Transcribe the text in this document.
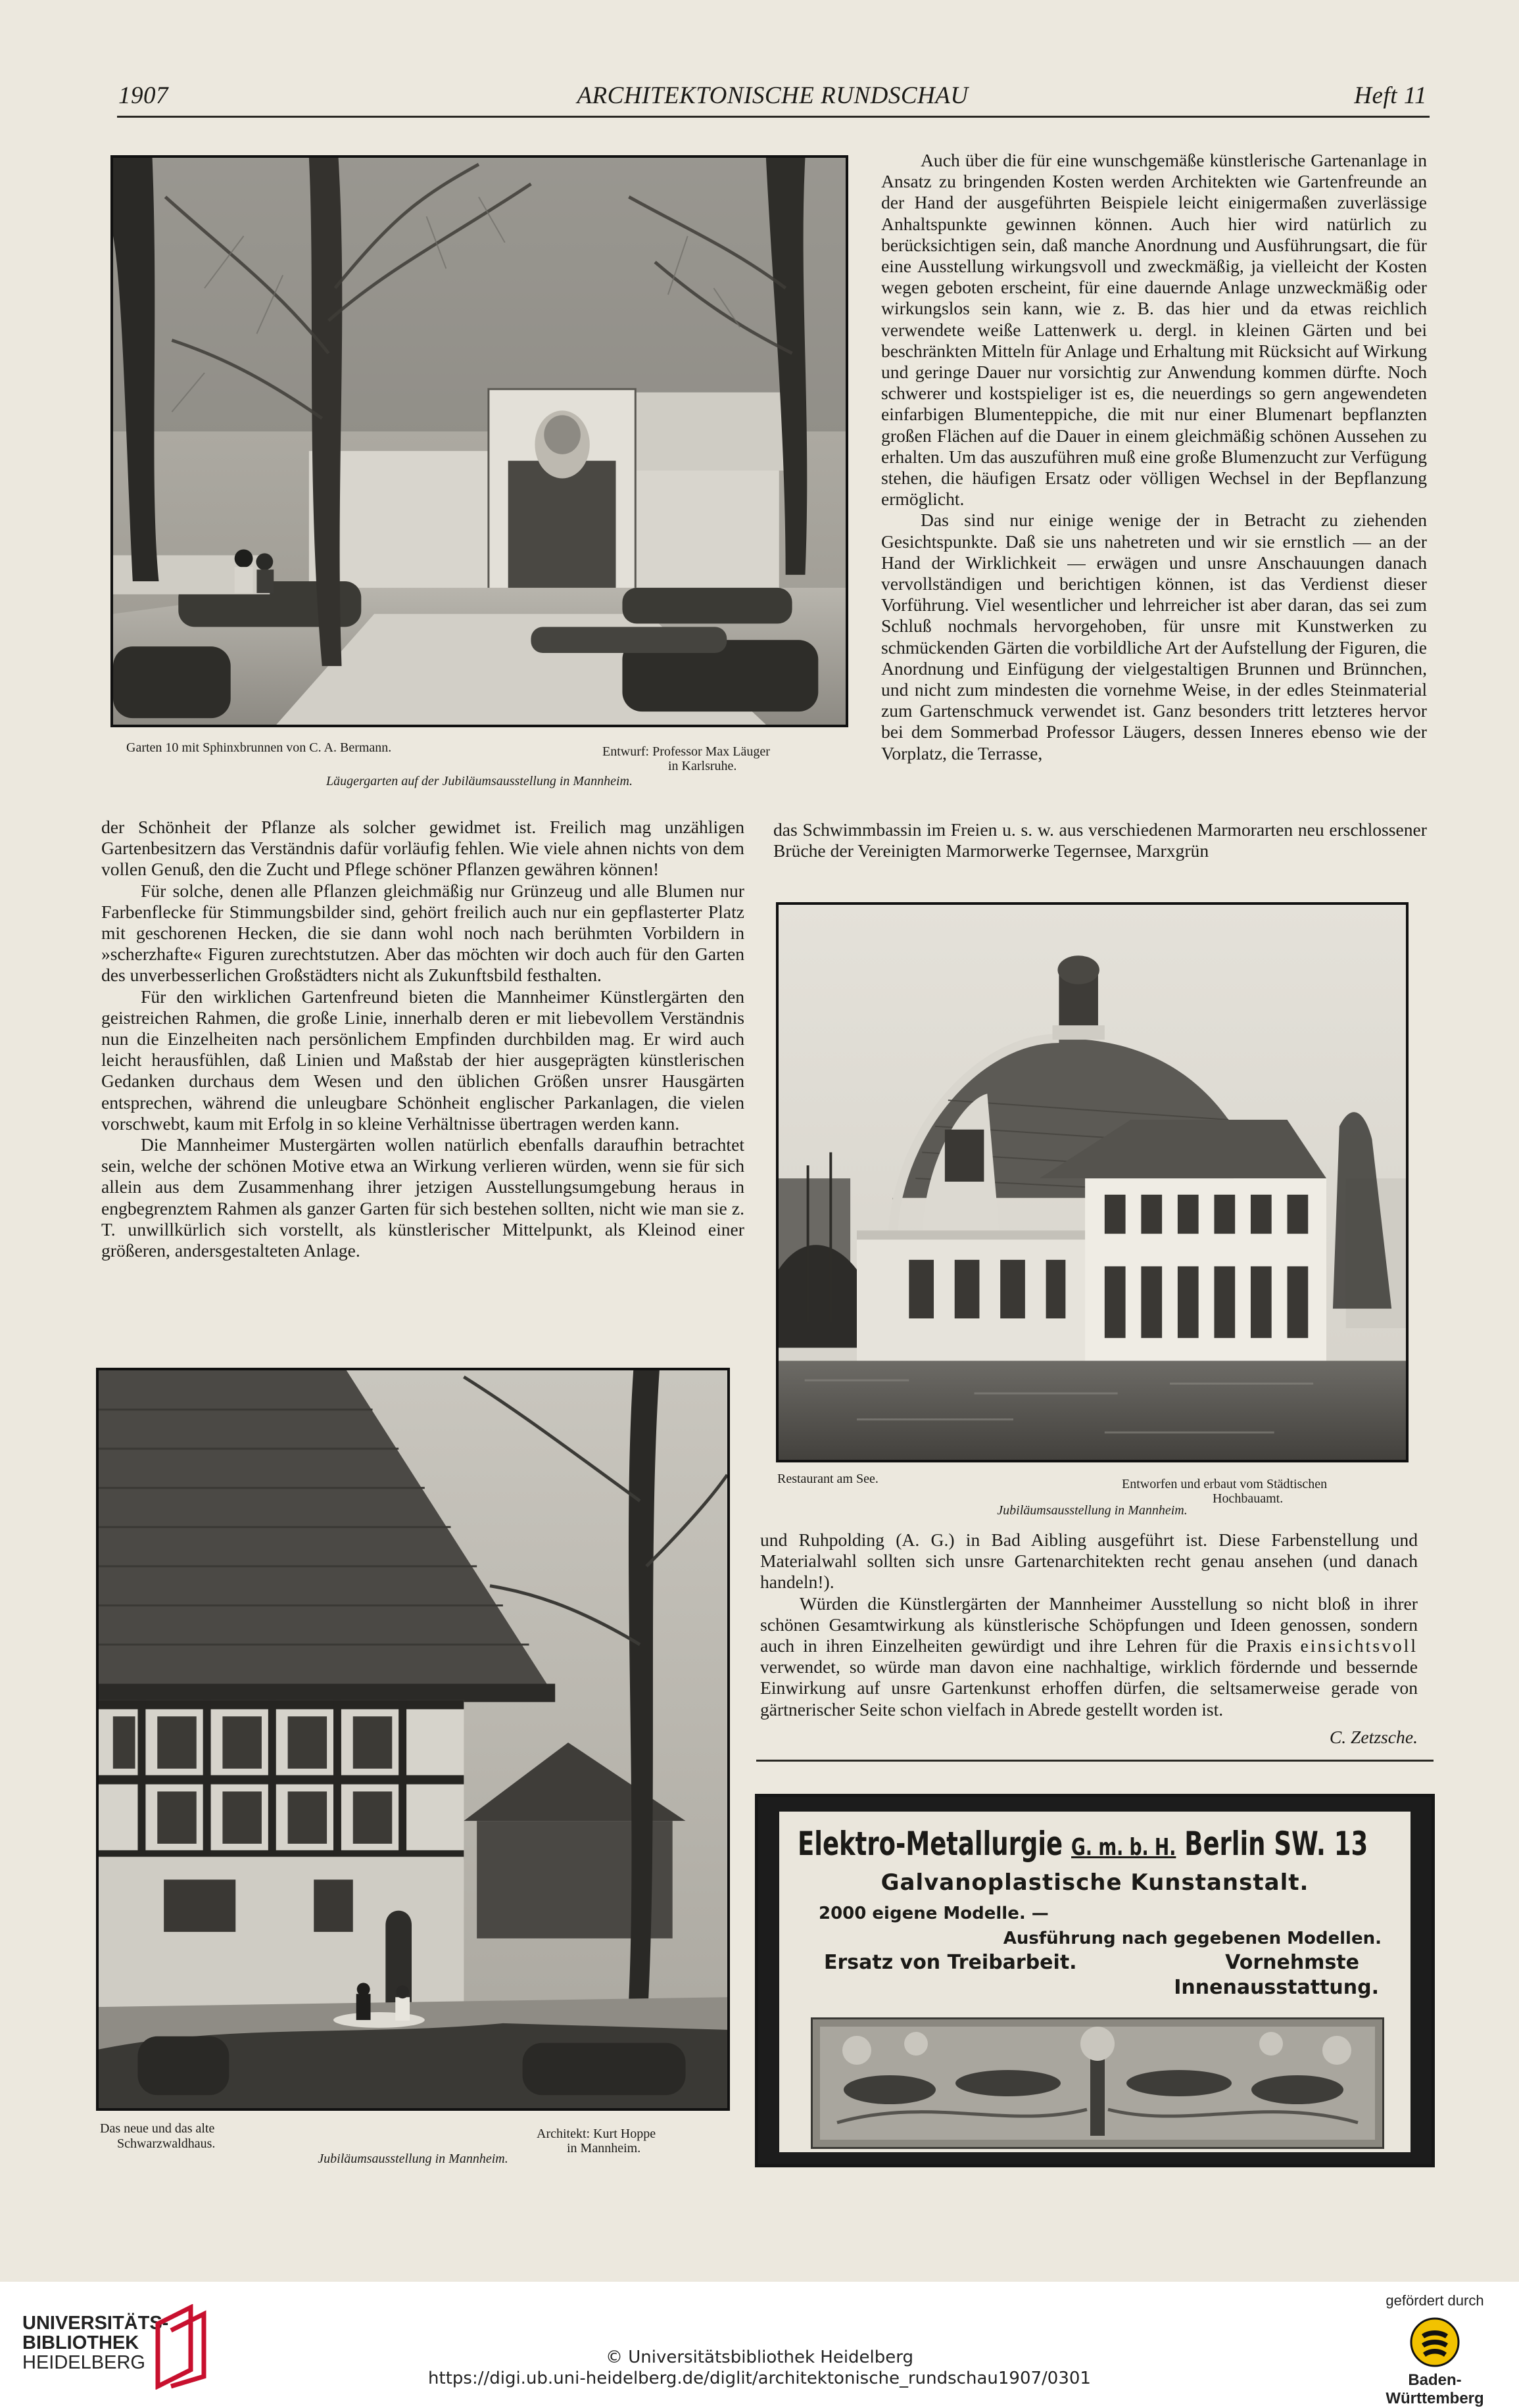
1907	ARCHITEKTONISCHE RUNDSCHAU	Heft 11
Garten 10 mit Sphinxbrunnen von C. A. Bermann.	Entwurf: Professor Max Läuger
in Karlsruhe.
Läugergarten auf der Jubiläumsausstellung in Mannheim.

Auch über die für eine wunschgemäße künstlerische Gartenanlage in Ansatz zu bringenden Kosten werden Architekten wie Gartenfreunde an der Hand der ausgeführten Beispiele leicht einigermaßen zuverlässige Anhaltspunkte gewinnen können. Auch hier wird natürlich zu berücksichtigen sein, daß manche Anordnung und Ausführungsart, die für eine Ausstellung wirkungsvoll und zweckmäßig, ja vielleicht der Kosten wegen geboten erscheint, für eine dauernde Anlage unzweckmäßig oder wirkungslos sein kann, wie z. B. das hier und da etwas reichlich verwendete weiße Lattenwerk u. dergl. in kleinen Gärten und bei beschränkten Mitteln für Anlage und Erhaltung mit Rücksicht auf Wirkung und geringe Dauer nur vorsichtig zur Anwendung kommen dürfte. Noch schwerer und kostspieliger ist es, die neuerdings so gern angewendeten einfarbigen Blumenteppiche, die mit nur einer Blumenart bepflanzten großen Flächen auf die Dauer in einem gleichmäßig schönen Aussehen zu erhalten. Um das auszuführen muß eine große Blumenzucht zur Verfügung stehen, die häufigen Ersatz oder völligen Wechsel in der Bepflanzung ermöglicht.

Das sind nur einige wenige der in Betracht zu ziehenden Gesichtspunkte. Daß sie uns nahetreten und wir sie ernstlich — an der Hand der Wirklichkeit — erwägen und unsre Anschauungen danach vervollständigen und berichtigen können, ist das Verdienst dieser Vorführung. Viel wesentlicher und lehrreicher ist aber daran, das sei zum Schluß nochmals hervorgehoben, für unsre mit Kunstwerken zu schmückenden Gärten die vorbildliche Art der Aufstellung der Figuren, die Anordnung und Einfügung der vielgestaltigen Brunnen und Brünnchen, und nicht zum mindesten die vornehme Weise, in der edles Steinmaterial zum Gartenschmuck verwendet ist. Ganz besonders tritt letzteres hervor bei dem Sommerbad Professor Läugers, dessen Inneres ebenso wie der Vorplatz, die Terrasse,

das Schwimmbassin im Freien u. s. w. aus verschiedenen Marmorarten neu erschlossener Brüche der Vereinigten Marmorwerke Tegernsee, Marxgrün

der Schönheit der Pflanze als solcher gewidmet ist. Freilich mag unzähligen Gartenbesitzern das Verständnis dafür vorläufig fehlen. Wie viele ahnen nichts von dem vollen Genuß, den die Zucht und Pflege schöner Pflanzen gewähren können!

Für solche, denen alle Pflanzen gleichmäßig nur Grünzeug und alle Blumen nur Farbenflecke für Stimmungsbilder sind, gehört freilich auch nur ein gepflasterter Platz mit geschorenen Hecken, die sie dann wohl noch nach berühmten Vorbildern in »scherzhafte« Figuren zurechtstutzen. Aber das möchten wir doch auch für den Garten des unverbesserlichen Großstädters nicht als Zukunftsbild festhalten.

Für den wirklichen Gartenfreund bieten die Mannheimer Künstlergärten den geistreichen Rahmen, die große Linie, innerhalb deren er mit liebevollem Verständnis nun die Einzelheiten nach persönlichem Empfinden durchbilden mag. Er wird auch leicht herausfühlen, daß Linien und Maßstab der hier ausgeprägten künstlerischen Gedanken durchaus dem Wesen und den üblichen Größen unsrer Hausgärten entsprechen, während die unleugbare Schönheit englischer Parkanlagen, die vielen vorschwebt, kaum mit Erfolg in so kleine Verhältnisse übertragen werden kann.

Die Mannheimer Mustergärten wollen natürlich ebenfalls daraufhin betrachtet sein, welche der schönen Motive etwa an Wirkung verlieren würden, wenn sie für sich allein aus dem Zusammenhang ihrer jetzigen Ausstellungsumgebung heraus in engbegrenztem Rahmen als ganzer Garten für sich bestehen sollten, nicht wie man sie z. T. unwillkürlich sich vorstellt, als künstlerischer Mittelpunkt, als Kleinod einer größeren, andersgestalteten Anlage.

Restaurant am See.	Entworfen und erbaut vom Städtischen
Hochbauamt.
Jubiläumsausstellung in Mannheim.

und Ruhpolding (A. G.) in Bad Aibling ausgeführt ist. Diese Farbenstellung und Materialwahl sollten sich unsre Gartenarchitekten recht genau ansehen (und danach handeln!).

Würden die Künstlergärten der Mannheimer Ausstellung so nicht bloß in ihrer schönen Gesamtwirkung als künstlerische Schöpfungen und Ideen genossen, sondern auch in ihren Einzelheiten gewürdigt und ihre Lehren für die Praxis einsichtsvoll verwendet, so würde man davon eine nachhaltige, wirklich fördernde und bessernde Einwirkung auf unsre Gartenkunst erhoffen dürfen, die seltsamerweise gerade von gärtnerischer Seite schon vielfach in Abrede gestellt worden ist.

C. Zetzsche.
Das neue und das alte
Schwarzwaldhaus.
Architekt: Kurt Hoppe
in Mannheim.
Jubiläumsausstellung in Mannheim.
Elektro-Metallurgie G. m. b. H. Berlin SW. 13
Galvanoplastische Kunstanstalt.
2000 eigene Modelle. —
Ausführung nach gegebenen Modellen.
Ersatz von Treibarbeit.	Vornehmste
Innenausstattung.
UNIVERSITÄTS-
BIBLIOTHEK
HEIDELBERG	© Universitätsbibliothek Heidelberg
https://digi.ub.uni-heidelberg.de/diglit/architektonische_rundschau1907/0301
gefördert durch
Baden-Württemberg
